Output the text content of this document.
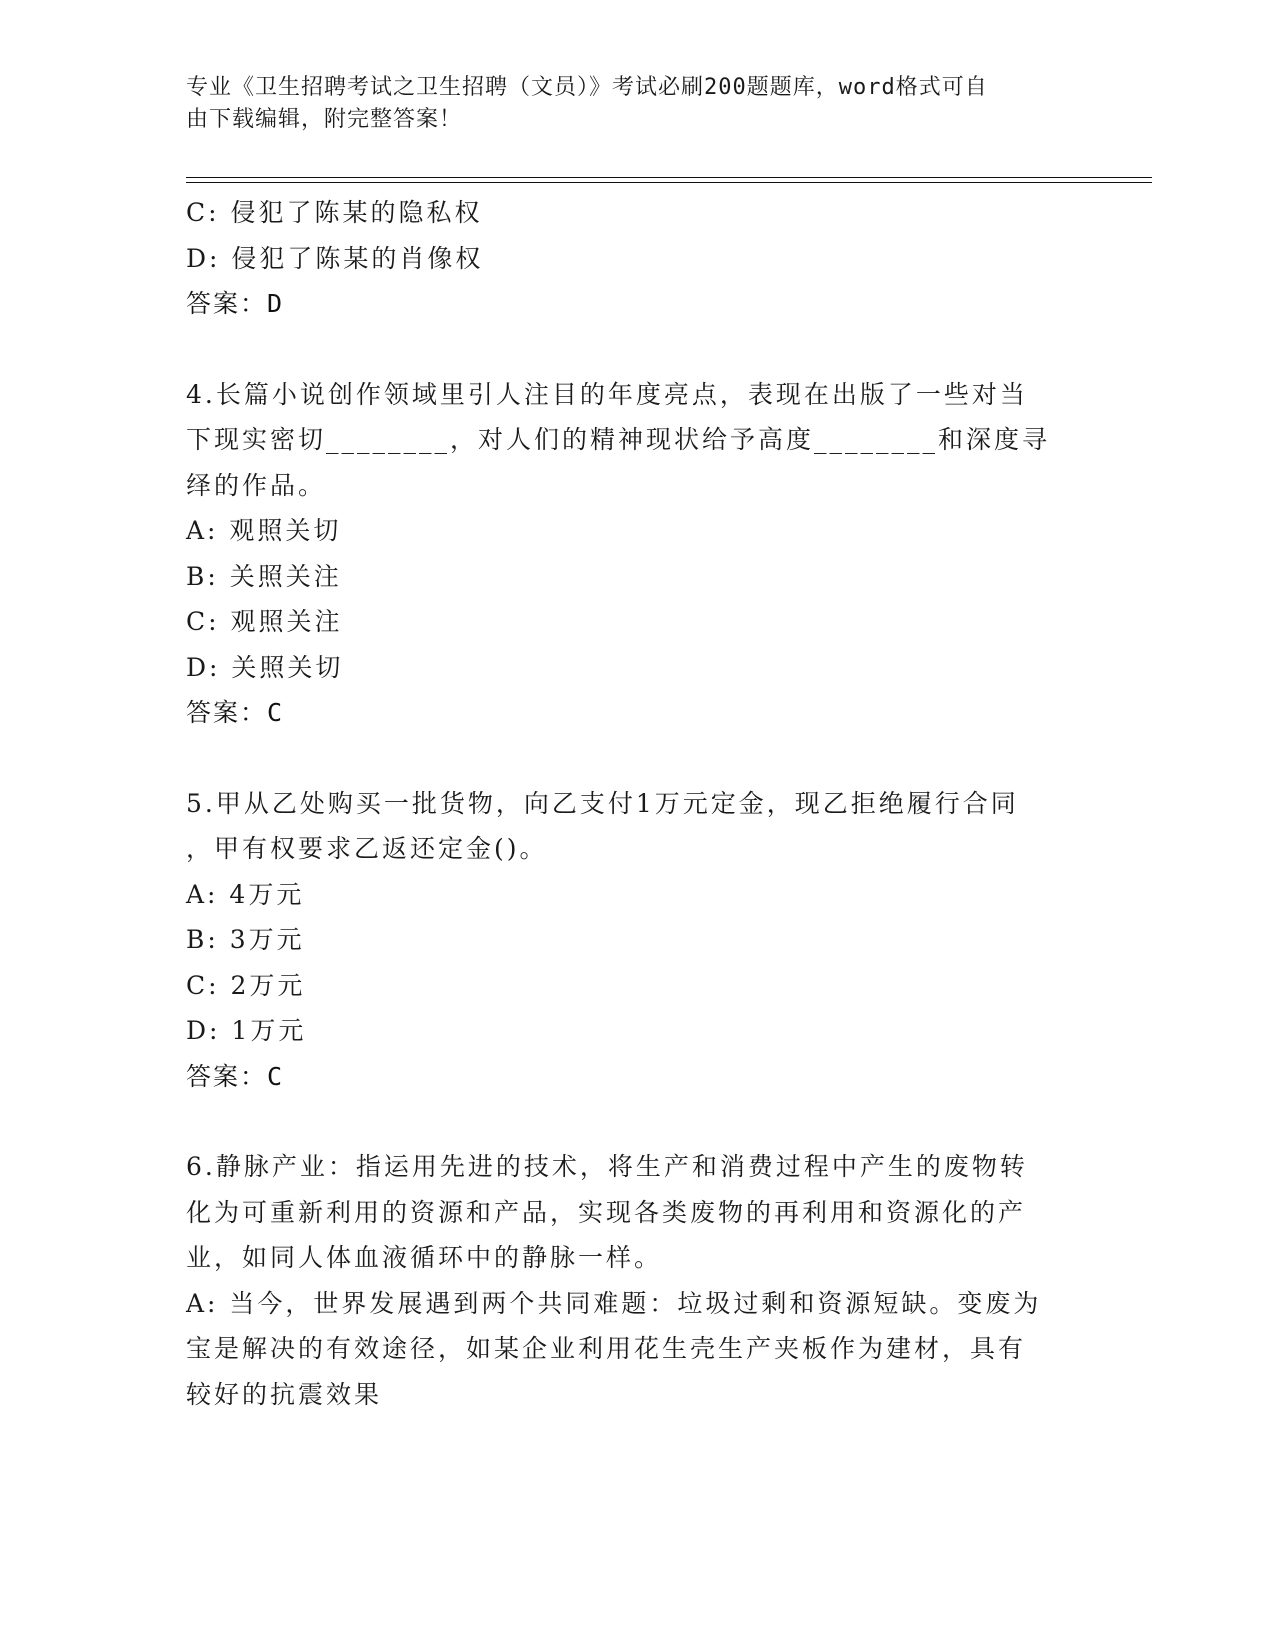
专业《卫生招聘考试之卫生招聘（文员）》考试必刷200题题库，word格式可自
由下载编辑，附完整答案！
C: 侵犯了陈某的隐私权
D: 侵犯了陈某的肖像权
答案：D
4.长篇小说创作领域里引人注目的年度亮点，表现在出版了一些对当
下现实密切________，对人们的精神现状给予高度________和深度寻
绎的作品。
A: 观照关切
B: 关照关注
C: 观照关注
D: 关照关切
答案：C
5.甲从乙处购买一批货物，向乙支付1万元定金，现乙拒绝履行合同
，甲有权要求乙返还定金()。
A: 4万元
B: 3万元
C: 2万元
D: 1万元
答案：C
6.静脉产业：指运用先进的技术，将生产和消费过程中产生的废物转
化为可重新利用的资源和产品，实现各类废物的再利用和资源化的产
业，如同人体血液循环中的静脉一样。
A: 当今，世界发展遇到两个共同难题：垃圾过剩和资源短缺。变废为
宝是解决的有效途径，如某企业利用花生壳生产夹板作为建材，具有
较好的抗震效果
